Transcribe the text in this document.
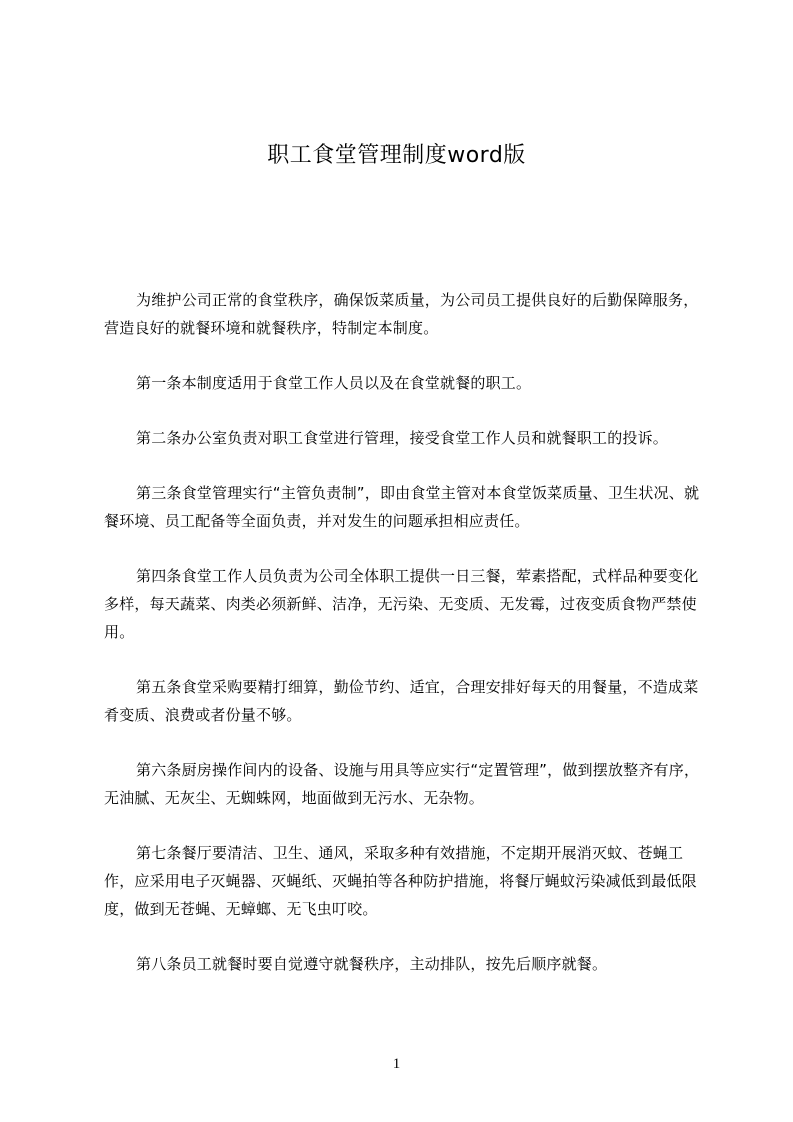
职工食堂管理制度word版

为维护公司正常的食堂秩序，确保饭菜质量，为公司员工提供良好的后勤保障服务，营造良好的就餐环境和就餐秩序，特制定本制度。

第一条本制度适用于食堂工作人员以及在食堂就餐的职工。

第二条办公室负责对职工食堂进行管理，接受食堂工作人员和就餐职工的投诉。

第三条食堂管理实行“主管负责制”，即由食堂主管对本食堂饭菜质量、卫生状况、就餐环境、员工配备等全面负责，并对发生的问题承担相应责任。

第四条食堂工作人员负责为公司全体职工提供一日三餐，荤素搭配，式样品种要变化多样，每天蔬菜、肉类必须新鲜、洁净，无污染、无变质、无发霉，过夜变质食物严禁使用。

第五条食堂采购要精打细算，勤俭节约、适宜，合理安排好每天的用餐量，不造成菜肴变质、浪费或者份量不够。

第六条厨房操作间内的设备、设施与用具等应实行“定置管理”，做到摆放整齐有序，无油腻、无灰尘、无蜘蛛网，地面做到无污水、无杂物。

第七条餐厅要清洁、卫生、通风，采取多种有效措施，不定期开展消灭蚊、苍蝇工作，应采用电子灭蝇器、灭蝇纸、灭蝇拍等各种防护措施，将餐厅蝇蚊污染减低到最低限度，做到无苍蝇、无蟑螂、无飞虫叮咬。

第八条员工就餐时要自觉遵守就餐秩序，主动排队，按先后顺序就餐。

1
